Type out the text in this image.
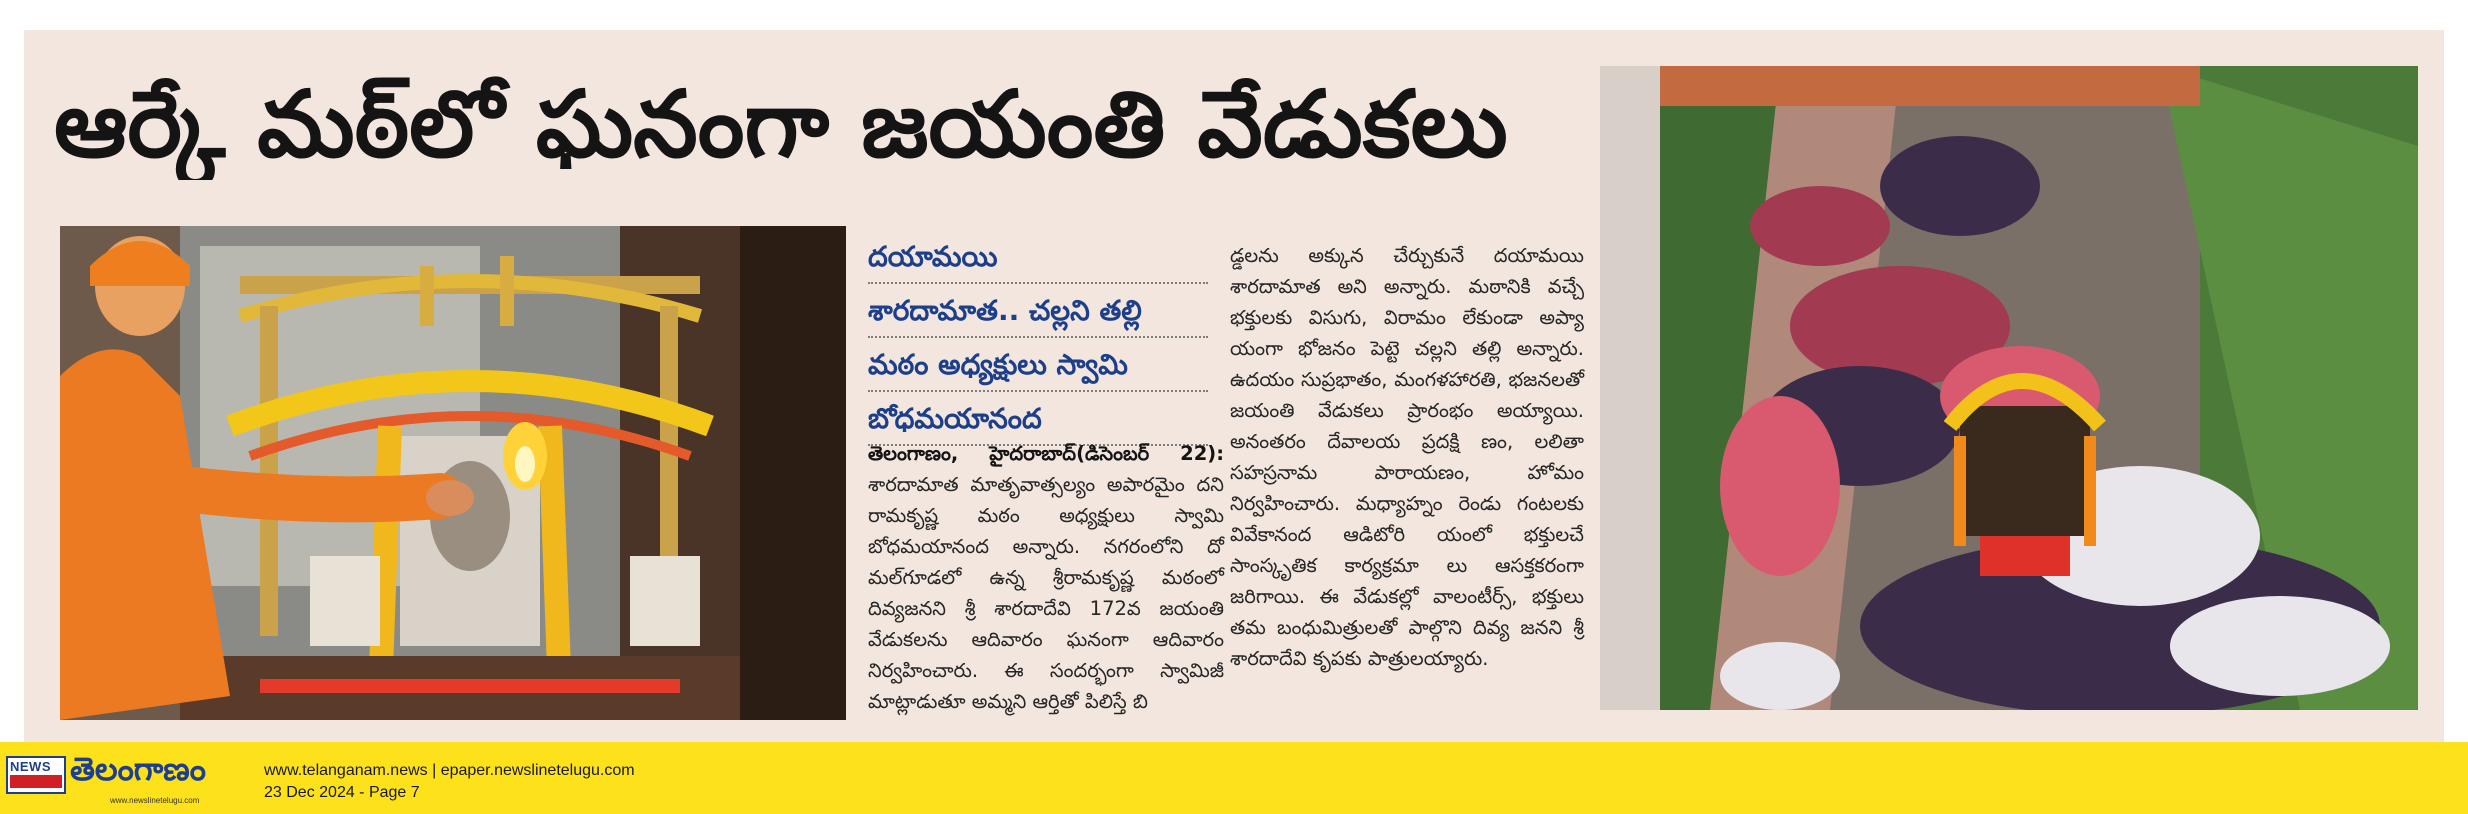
ఆర్కే మఠ్‌లో ఘనంగా జయంతి వేడుకలు
దయామయి
శారదామాత.. చల్లని తల్లి
మఠం అధ్యక్షులు స్వామి
బోధమయానంద

తెలంగాణం, హైదరాబాద్(డిసెంబర్ 22): శారదామాత మాతృవాత్సల్యం అపారమైం దని రామకృష్ణ మఠం అధ్యక్షులు స్వామి బోధమయానంద అన్నారు. నగరంలోని దో మల్‌గూడలో ఉన్న శ్రీరామకృష్ణ మఠంలో దివ్యజనని శ్రీ శారదాదేవి 172వ జయంతి వేడుకలను ఆదివారం ఘనంగా ఆదివారం నిర్వహించారు. ఈ సందర్భంగా స్వామిజీ మాట్లాడుతూ అమ్మని ఆర్తితో పిలిస్తే బి

డ్డలను అక్కున చేర్చుకునే దయామయి శారదామాత అని అన్నారు. మఠానికి వచ్చే భక్తులకు విసుగు, విరామం లేకుండా అప్యా యంగా భోజనం పెట్టె చల్లని తల్లి అన్నారు. ఉదయం సుప్రభాతం, మంగళహారతి, భజనలతో జయంతి వేడుకలు ప్రారంభం అయ్యాయి. అనంతరం దేవాలయ ప్రదక్షి ణం, లలితా సహస్రనామ పారాయణం, హోమం నిర్వహించారు. మధ్యాహ్నం రెండు గంటలకు వివేకానంద ఆడిటోరి యంలో భక్తులచే సాంస్కృతిక కార్యక్రమా లు ఆసక్తకరంగా జరిగాయి. ఈ వేడుకల్లో వాలంటీర్స్, భక్తులు తమ బంధుమిత్రులతో పాల్గొని దివ్య జనని శ్రీ శారదాదేవి కృపకు పాత్రులయ్యారు.

NEWS తెలంగాణం
www.newslinetelugu.com
www.telanganam.news | epaper.newslinetelugu.com
23 Dec 2024 - Page 7
